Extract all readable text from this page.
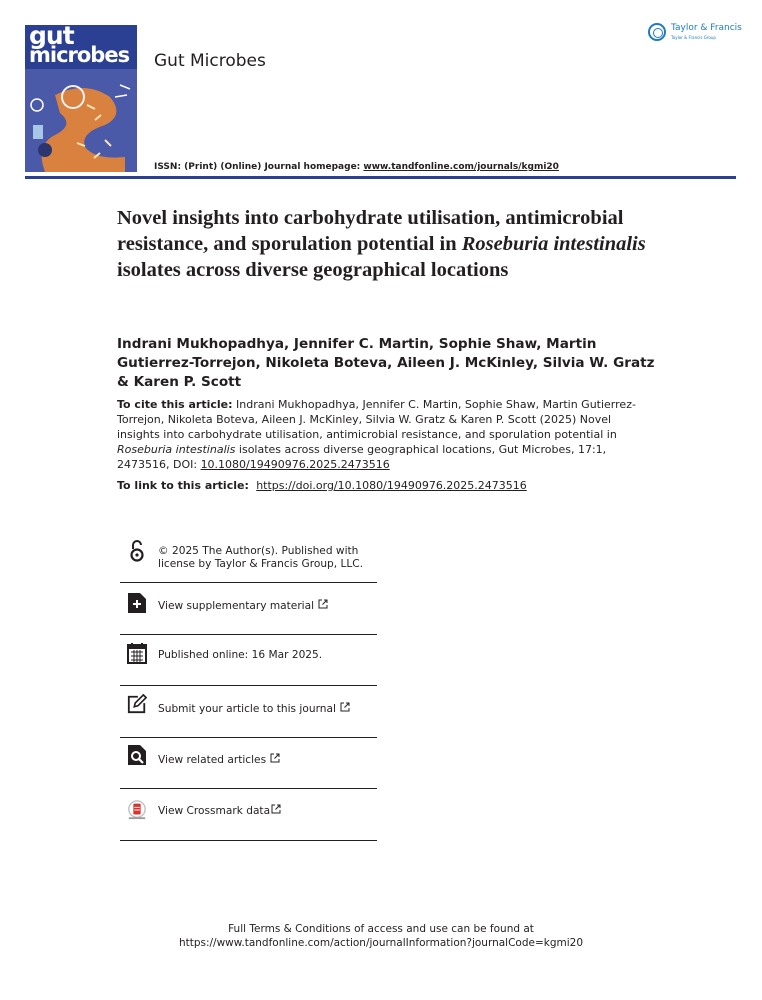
gut
microbes Gut Microbes
Taylor & Francis
Taylor & Francis Group
ISSN: (Print) (Online) Journal homepage: www.tandfonline.com/journals/kgmi20
Novel insights into carbohydrate utilisation, antimicrobial resistance, and sporulation potential in Roseburia intestinalis isolates across diverse geographical locations
Indrani Mukhopadhya, Jennifer C. Martin, Sophie Shaw, Martin Gutierrez-Torrejon, Nikoleta Boteva, Aileen J. McKinley, Silvia W. Gratz & Karen P. Scott
To cite this article: Indrani Mukhopadhya, Jennifer C. Martin, Sophie Shaw, Martin Gutierrez-Torrejon, Nikoleta Boteva, Aileen J. McKinley, Silvia W. Gratz & Karen P. Scott (2025) Novel insights into carbohydrate utilisation, antimicrobial resistance, and sporulation potential in Roseburia intestinalis isolates across diverse geographical locations, Gut Microbes, 17:1, 2473516, DOI: 10.1080/19490976.2025.2473516
To link to this article:  https://doi.org/10.1080/19490976.2025.2473516
© 2025 The Author(s). Published with license by Taylor & Francis Group, LLC.
View supplementary material
Published online: 16 Mar 2025.
Submit your article to this journal
View related articles
View Crossmark data
Full Terms & Conditions of access and use can be found at
https://www.tandfonline.com/action/journalInformation?journalCode=kgmi20
